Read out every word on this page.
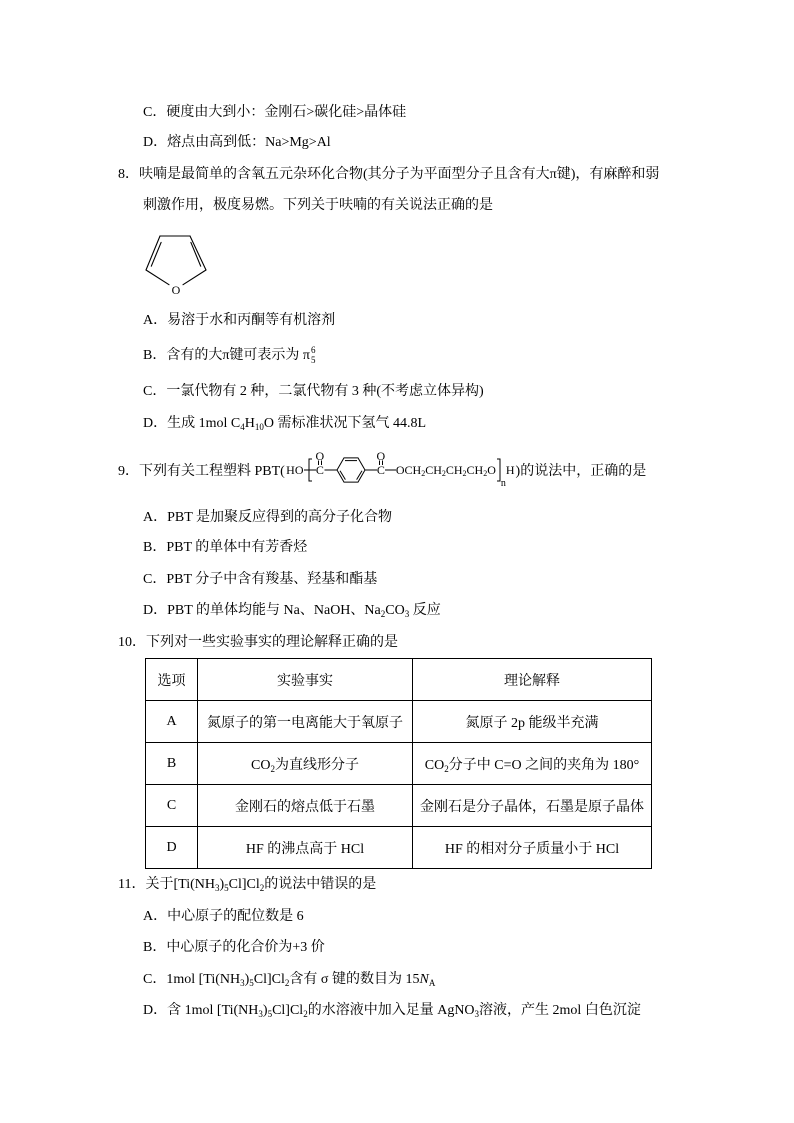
C．硬度由大到小：金刚石>碳化硅>晶体硅
D．熔点由高到低：Na>Mg>Al
8．呋喃是最简单的含氧五元杂环化合物(其分子为平面型分子且含有大π键)，有麻醉和弱
刺激作用，极度易燃。下列关于呋喃的有关说法正确的是
O
A．易溶于水和丙酮等有机溶剂
B．含有的大π键可表示为 π 6
5
C．一氯代物有 2 种，二氯代物有 3 种(不考虑立体异构)
D．生成 1mol $C_4H_{10}O$ 需标准状况下氢气 44.8L
9． 下列有关工程塑料 PBT( HO C
O
C
O
$OCH_2CH_2CH_2CH_2O$
n
H )的说法中，正确的是
A．PBT 是加聚反应得到的高分子化合物
B．PBT 的单体中有芳香烃
C．PBT 分子中含有羧基、羟基和酯基
D．PBT 的单体均能与 Na、NaOH、$Na_2CO_3$ 反应
10．下列对一些实验事实的理论解释正确的是
选项	实验事实	理论解释
A	氮原子的第一电离能大于氧原子	氮原子 2p 能级半充满
B	$CO_2$为直线形分子	$CO_2$分子中 C=O 之间的夹角为 180°
C	金刚石的熔点低于石墨	金刚石是分子晶体，石墨是原子晶体
D	HF 的沸点高于 HCl	HF 的相对分子质量小于 HCl
11．关于$[Ti(NH_3)_5Cl]Cl_2$的说法中错误的是
A．中心原子的配位数是 6
B．中心原子的化合价为+3 价
C．1mol $[Ti(NH_3)_5Cl]Cl_2$含有 σ 键的数目为 $15N_A$
D．含 1mol $[Ti(NH_3)_5Cl]Cl_2$的水溶液中加入足量 AgNO$_3$溶液，产生 2mol 白色沉淀
